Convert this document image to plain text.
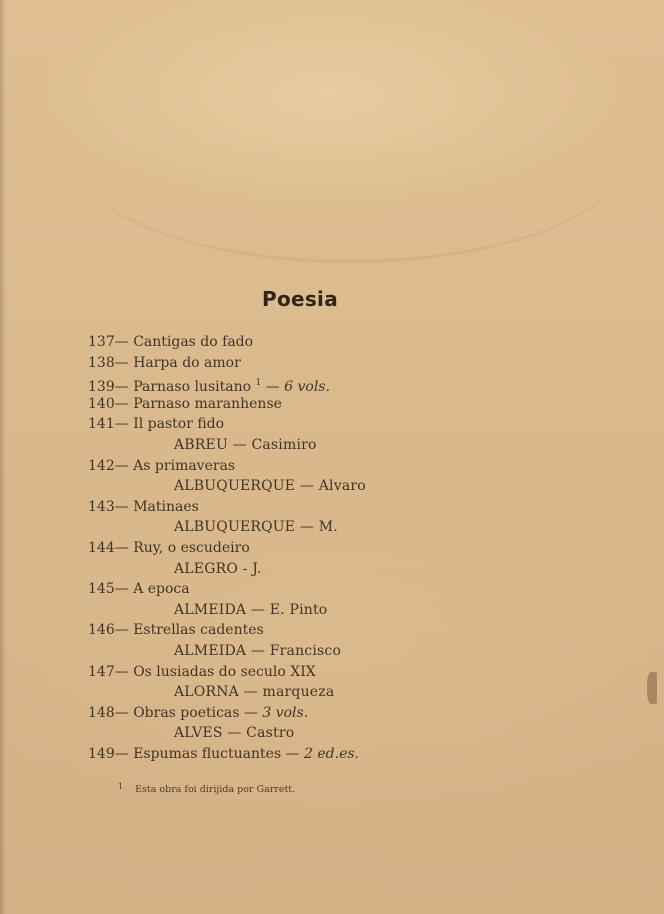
Poesia
137— Cantigas do fado
138— Harpa do amor
139— Parnaso lusitano $^1$ — 6 vols.
140— Parnaso maranhense
141— Il pastor fido
ABREU — Casimiro
142— As primaveras
ALBUQUERQUE — Alvaro
143— Matinaes
ALBUQUERQUE — M.
144— Ruy, o escudeiro
ALEGRO - J.
145— A epoca
ALMEIDA — E. Pinto
146— Estrellas cadentes
ALMEIDA — Francisco
147— Os lusiadas do seculo XIX
ALORNA — marqueza
148— Obras poeticas — 3 vols.
ALVES — Castro
149— Espumas fluctuantes — 2 ed.es.
$^1$ Esta obra foi dirijida por Garrett.
